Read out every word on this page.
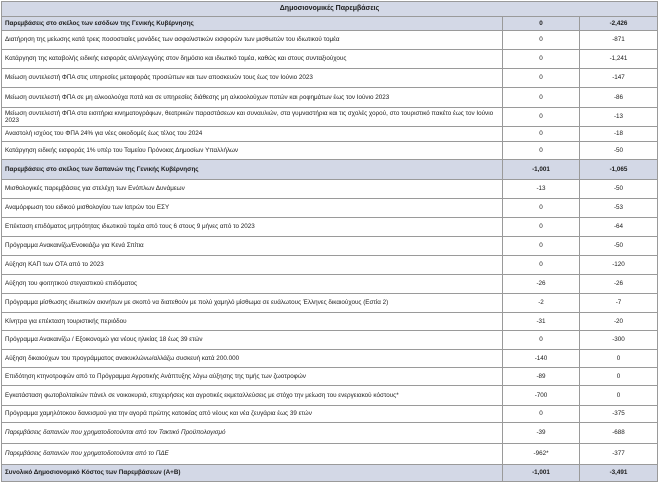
Δημοσιονομικές Παρεμβάσεις		
Παρεμβάσεις στο σκέλος των εσόδων της Γενικής Κυβέρνησης	0	-2,426
Διατήρηση της μείωσης κατά τρεις ποσοστιαίες μονάδες των ασφαλιστικών εισφορών των μισθωτών του ιδιωτικού τομέα	0	-871
Κατάργηση της καταβολής ειδικής εισφοράς αλληλεγγύης στον δημόσιο και ιδιωτικό τομέα, καθώς και στους συνταξιούχους	0	-1,241
Μείωση συντελεστή ΦΠΑ στις υπηρεσίες μεταφοράς προσώπων και των αποσκευών τους έως τον Ιούνιο 2023	0	-147
Μείωση συντελεστή ΦΠΑ σε μη αλκοολούχα ποτά και σε υπηρεσίες διάθεσης μη αλκοολούχων ποτών και ροφημάτων έως τον Ιούνιο 2023	0	-86
Μείωση συντελεστή ΦΠΑ στα εισιτήρια κινηματογράφων, θεατρικών παραστάσεων και συναυλιών, στα γυμναστήρια και τις σχολές χορού, στο τουριστικό πακέτο έως τον Ιούνιο 2023	0	-13
Αναστολή ισχύος του ΦΠΑ 24% για νέες οικοδομές έως τέλος του 2024	0	-18
Κατάργηση ειδικής εισφοράς 1% υπέρ του Ταμείου Πρόνοιας Δημοσίων Υπαλλήλων	0	-50
Παρεμβάσεις στο σκέλος των δαπανών της Γενικής Κυβέρνησης	-1,001	-1,065
Μισθολογικές παρεμβάσεις για στελέχη των Ενόπλων Δυνάμεων	-13	-50
Αναμόρφωση του ειδικού μισθολογίου των Ιατρών του ΕΣΥ	0	-53
Επέκταση επιδόματος μητρότητας ιδιωτικού τομέα από τους 6 στους 9 μήνες από το 2023	0	-64
Πρόγραμμα Ανακαινίζω/Ενοικιάζω για Κενά Σπίτια	0	-50
Αύξηση ΚΑΠ των ΟΤΑ από το 2023	0	-120
Αύξηση του φοιτητικού στεγαστικού επιδόματος	-26	-26
Πρόγραμμα μίσθωσης ιδιωτικών ακινήτων με σκοπό να διατεθούν με πολύ χαμηλό μίσθωμα σε ευάλωτους Έλληνες δικαιούχους (Εστία 2)	-2	-7
Κίνητρα για επέκταση τουριστικής περιόδου	-31	-20
Πρόγραμμα Ανακαινίζω / Εξοικονομώ για νέους ηλικίας 18 έως 39 ετών	0	-300
Αύξηση δικαιούχων του προγράμματος ανακυκλώνω/αλλάζω συσκευή κατά 200.000	-140	0
Επιδότηση κτηνοτροφών από το Πρόγραμμα Αγροτικής Ανάπτυξης λόγω αύξησης της τιμής των ζωοτροφών	-89	0
Εγκατάσταση φωτοβολταϊκών πάνελ σε νοικοκυριά, επιχειρήσεις και αγροτικές εκμεταλλεύσεις με στόχο την μείωση του ενεργειακού κόστους*	-700	0
Πρόγραμμα χαμηλότοκου δανεισμού για την αγορά πρώτης κατοικίας από νέους και νέα ζευγάρια έως 39 ετών	0	-375
Παρεμβάσεις δαπανών που χρηματοδοτούνται από τον Τακτικό Προϋπολογισμό	-39	-688
Παρεμβάσεις δαπανών που χρηματοδοτούνται από το ΠΔΕ	-962*	-377
Συνολικό Δημοσιονομικό Κόστος των Παρεμβάσεων (Α+Β)	-1,001	-3,491
